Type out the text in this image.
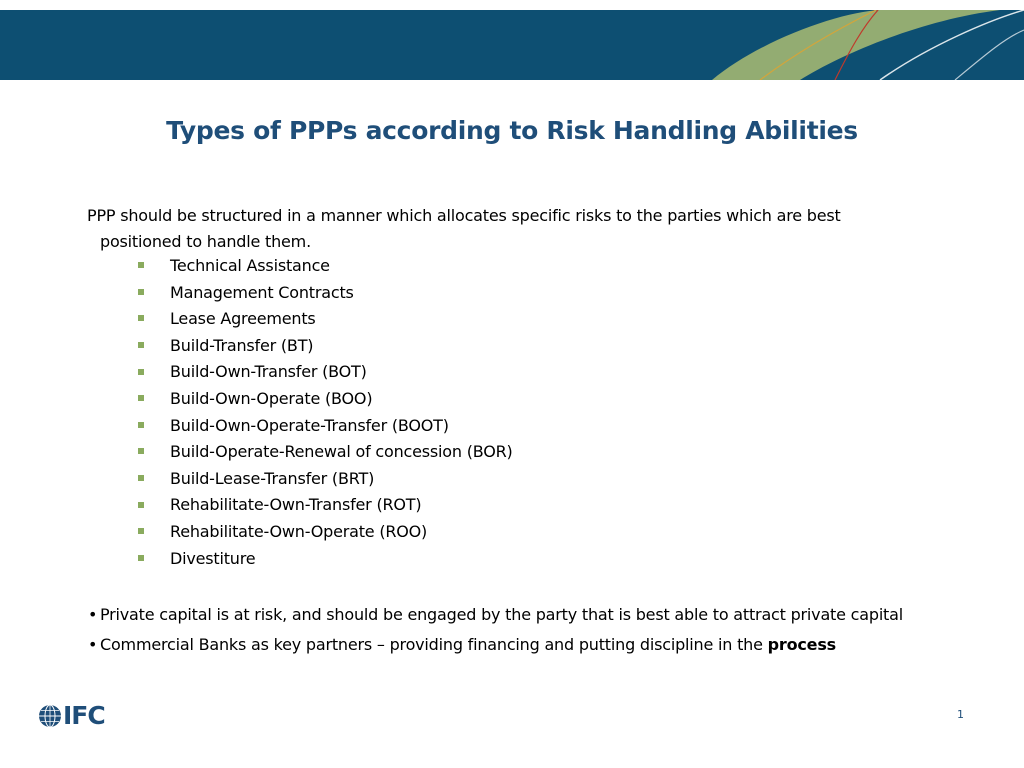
Types of PPPs according to Risk Handling Abilities
PPP should be structured in a manner which allocates specific risks to the parties which are best
positioned to handle them.
Technical Assistance
Management Contracts
Lease Agreements
Build-Transfer (BT)
Build-Own-Transfer (BOT)
Build-Own-Operate (BOO)
Build-Own-Operate-Transfer (BOOT)
Build-Operate-Renewal of concession (BOR)
Build-Lease-Transfer (BRT)
Rehabilitate-Own-Transfer (ROT)
Rehabilitate-Own-Operate (ROO)
Divestiture
• Private capital is at risk, and should be engaged by the party that is best able to attract private capital
• Commercial Banks as key partners – providing financing and putting discipline in the process
IFC	1
